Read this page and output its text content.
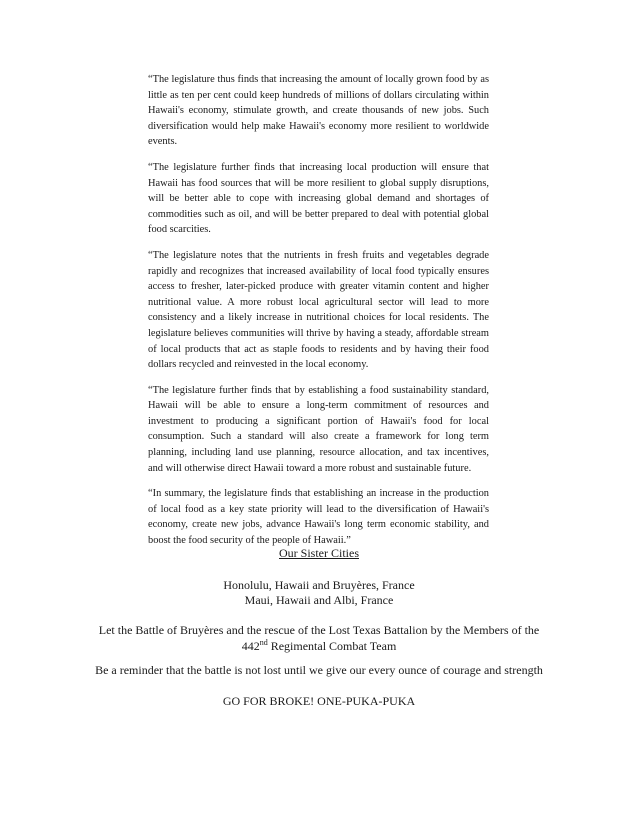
“The legislature thus finds that increasing the amount of locally grown food by as little as ten per cent could keep hundreds of millions of dollars circulating within Hawaii's economy, stimulate growth, and create thousands of new jobs. Such diversification would help make Hawaii's economy more resilient to worldwide events.

“The legislature further finds that increasing local production will ensure that Hawaii has food sources that will be more resilient to global supply disruptions, will be better able to cope with increasing global demand and shortages of commodities such as oil, and will be better prepared to deal with potential global food scarcities.

“The legislature notes that the nutrients in fresh fruits and vegetables degrade rapidly and recognizes that increased availability of local food typically ensures access to fresher, later-picked produce with greater vitamin content and higher nutritional value. A more robust local agricultural sector will lead to more consistency and a likely increase in nutritional choices for local residents. The legislature believes communities will thrive by having a steady, affordable stream of local products that act as staple foods to residents and by having their food dollars recycled and reinvested in the local economy.

“The legislature further finds that by establishing a food sustainability standard, Hawaii will be able to ensure a long-term commitment of resources and investment to producing a significant portion of Hawaii's food for local consumption. Such a standard will also create a framework for long term planning, including land use planning, resource allocation, and tax incentives, and will otherwise direct Hawaii toward a more robust and sustainable future.

“In summary, the legislature finds that establishing an increase in the production of local food as a key state priority will lead to the diversification of Hawaii's economy, create new jobs, advance Hawaii's long term economic stability, and boost the food security of the people of Hawaii.”

Our Sister Cities
Honolulu, Hawaii and Bruyères, France
Maui, Hawaii and Albi, France
Let the Battle of Bruyères and the rescue of the Lost Texas Battalion by the Members of the
442nd Regimental Combat Team
Be a reminder that the battle is not lost until we give our every ounce of courage and strength
GO FOR BROKE! ONE-PUKA-PUKA
